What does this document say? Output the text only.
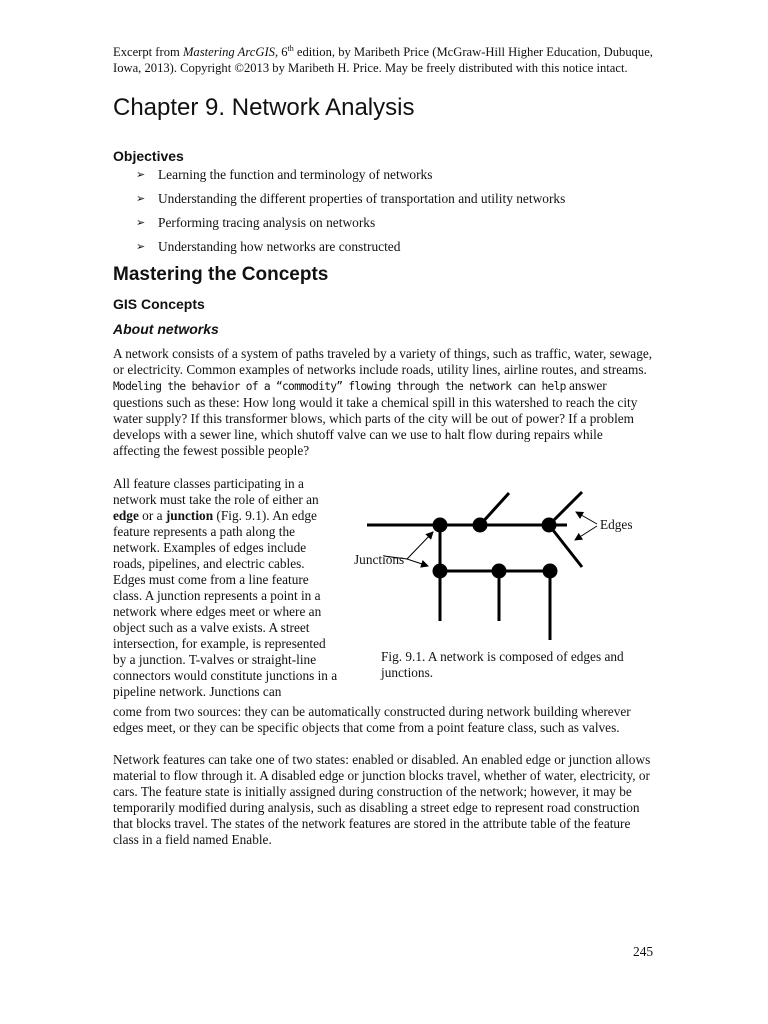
Excerpt from Mastering ArcGIS, 6th edition, by Maribeth Price (McGraw-Hill Higher Education, Dubuque,
Iowa, 2013). Copyright ©2013 by Maribeth H. Price. May be freely distributed with this notice intact.
Chapter 9. Network Analysis
Objectives
➢ Learning the function and terminology of networks
➢ Understanding the different properties of transportation and utility networks
➢ Performing tracing analysis on networks
➢ Understanding how networks are constructed
Mastering the Concepts
GIS Concepts
About networks

A network consists of a system of paths traveled by a variety of things, such as traffic, water, sewage, or electricity. Common examples of networks include roads, utility lines, airline routes, and streams. Modeling the behavior of a “commodity” flowing through the network can help answer questions such as these: How long would it take a chemical spill in this watershed to reach the city water supply? If this transformer blows, which parts of the city will be out of power? If a problem develops with a sewer line, which shutoff valve can we use to halt flow during repairs while affecting the fewest possible people?

All feature classes participating in a network must take the role of either an edge or a junction (Fig. 9.1). An edge feature represents a path along the network. Examples of edges include roads, pipelines, and electric cables. Edges must come from a line feature class. A junction represents a point in a network where edges meet or where an object such as a valve exists. A street intersection, for example, is represented by a junction. T-valves or straight-line connectors would constitute junctions in a pipeline network. Junctions can

Edges
Junctions

Fig. 9.1. A network is composed of edges and junctions.

come from two sources: they can be automatically constructed during network building wherever edges meet, or they can be specific objects that come from a point feature class, such as valves.

Network features can take one of two states: enabled or disabled. An enabled edge or junction allows material to flow through it. A disabled edge or junction blocks travel, whether of water, electricity, or cars. The feature state is initially assigned during construction of the network; however, it may be temporarily modified during analysis, such as disabling a street edge to represent road construction that blocks travel. The states of the network features are stored in the attribute table of the feature class in a field named Enable.

245
